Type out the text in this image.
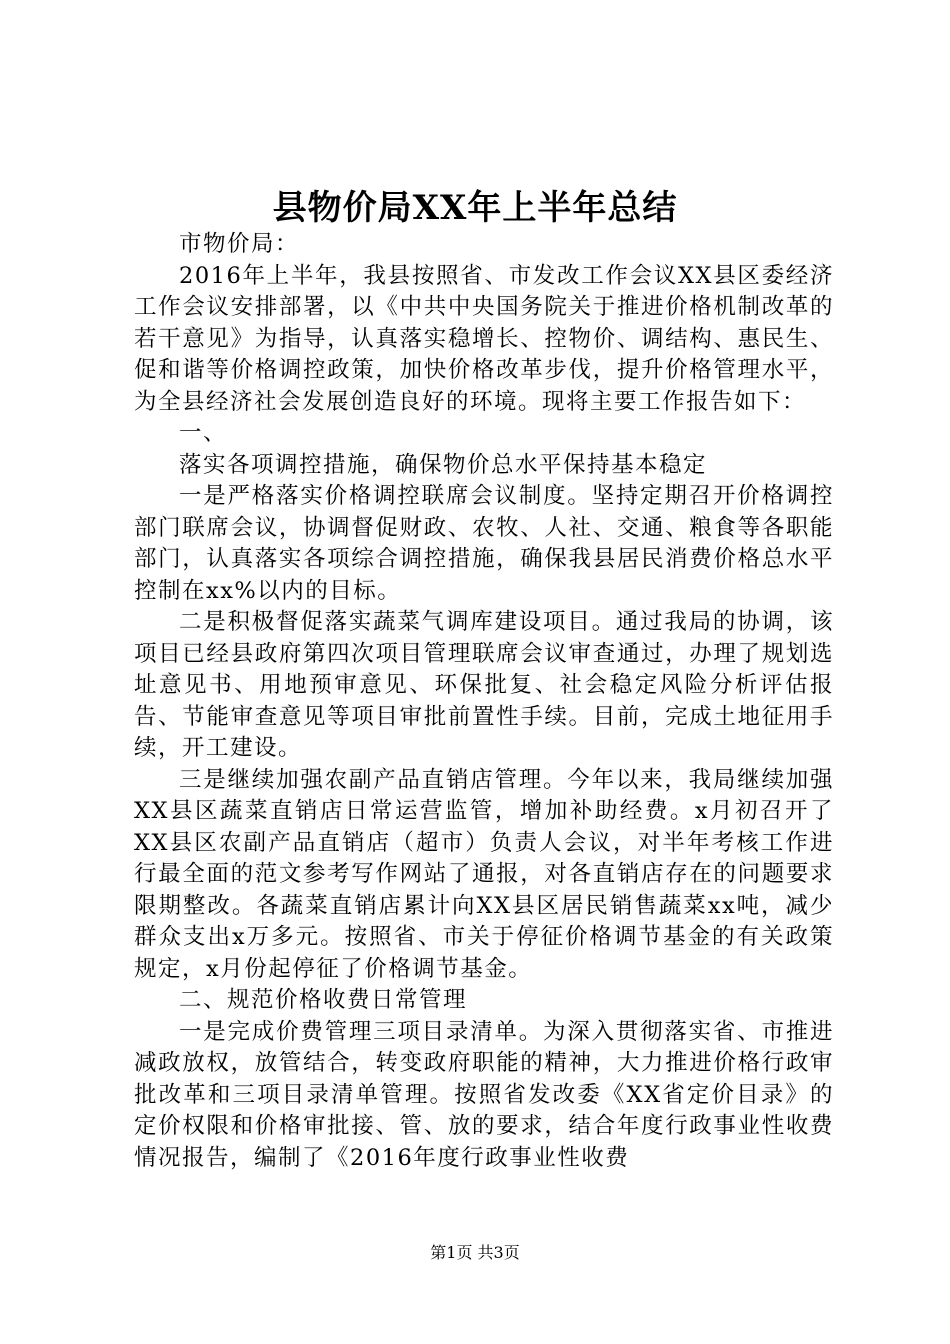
县物价局XX年上半年总结

市物价局：

2016年上半年，我县按照省、市发改工作会议XX县区委经济工作会议安排部署，以《中共中央国务院关于推进价格机制改革的若干意见》为指导，认真落实稳增长、控物价、调结构、惠民生、促和谐等价格调控政策，加快价格改革步伐，提升价格管理水平，为全县经济社会发展创造良好的环境。现将主要工作报告如下：

一、

落实各项调控措施，确保物价总水平保持基本稳定

一是严格落实价格调控联席会议制度。坚持定期召开价格调控部门联席会议，协调督促财政、农牧、人社、交通、粮食等各职能部门，认真落实各项综合调控措施，确保我县居民消费价格总水平控制在xx%以内的目标。

二是积极督促落实蔬菜气调库建设项目。通过我局的协调，该项目已经县政府第四次项目管理联席会议审查通过，办理了规划选址意见书、用地预审意见、环保批复、社会稳定风险分析评估报告、节能审查意见等项目审批前置性手续。目前，完成土地征用手续，开工建设。

三是继续加强农副产品直销店管理。今年以来，我局继续加强XX县区蔬菜直销店日常运营监管，增加补助经费。x月初召开了XX县区农副产品直销店（超市）负责人会议，对半年考核工作进行最全面的范文参考写作网站了通报，对各直销店存在的问题要求限期整改。各蔬菜直销店累计向XX县区居民销售蔬菜xx吨，减少群众支出x万多元。按照省、市关于停征价格调节基金的有关政策规定，x月份起停征了价格调节基金。

二、规范价格收费日常管理

一是完成价费管理三项目录清单。为深入贯彻落实省、市推进减政放权，放管结合，转变政府职能的精神，大力推进价格行政审批改革和三项目录清单管理。按照省发改委《XX省定价目录》的定价权限和价格审批接、管、放的要求，结合年度行政事业性收费情况报告，编制了《2016年度行政事业性收费

第1页 共3页
